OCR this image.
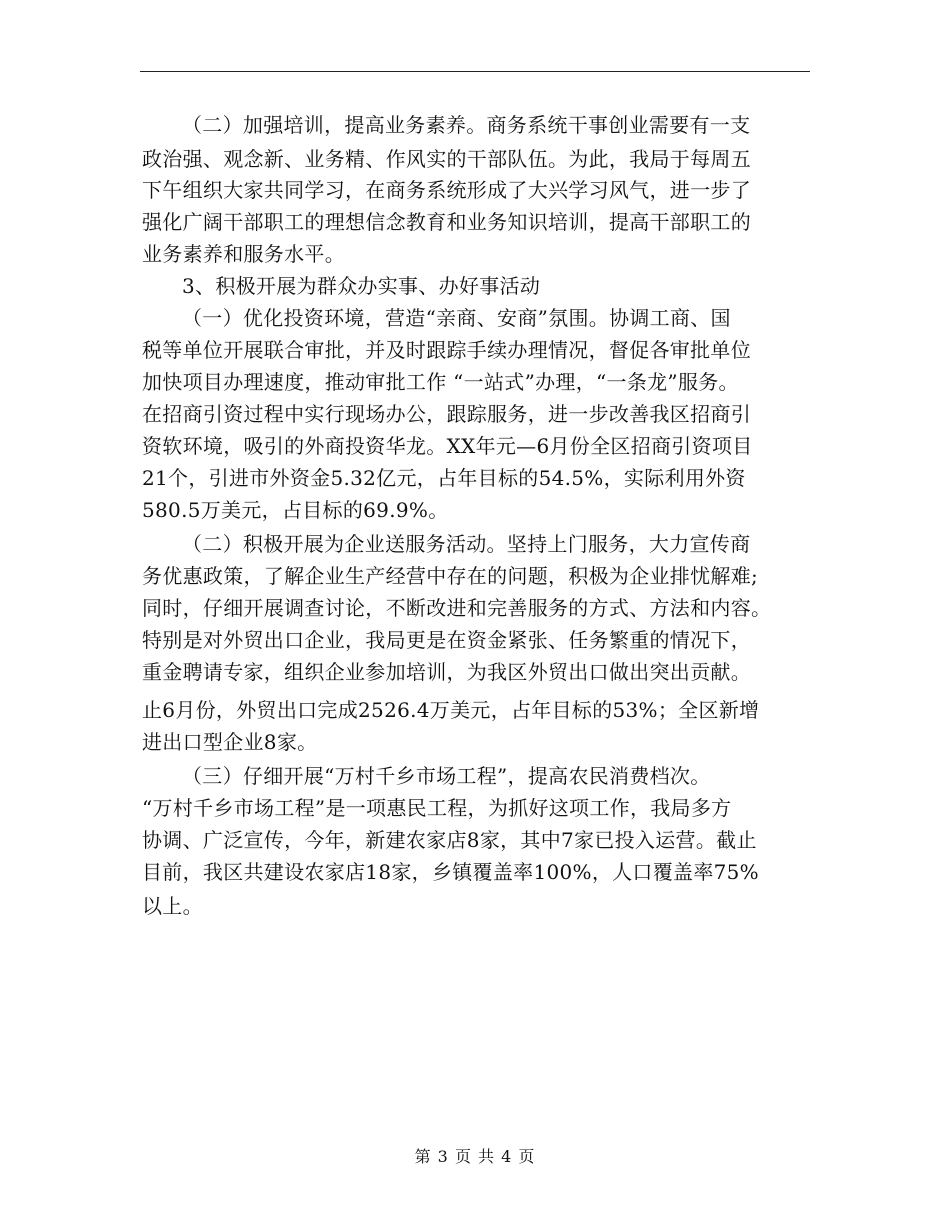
（二）加强培训，提高业务素养。商务系统干事创业需要有一支
政治强、观念新、业务精、作风实的干部队伍。为此，我局于每周五
下午组织大家共同学习，在商务系统形成了大兴学习风气，进一步了
强化广阔干部职工的理想信念教育和业务知识培训，提高干部职工的
业务素养和服务水平。
3、积极开展为群众办实事、办好事活动
（一）优化投资环境，营造“亲商、安商”氛围。协调工商、国
税等单位开展联合审批，并及时跟踪手续办理情况，督促各审批单位
加快项目办理速度，推动审批工作 “一站式”办理，“一条龙”服务。
在招商引资过程中实行现场办公，跟踪服务，进一步改善我区招商引
资软环境，吸引的外商投资华龙。XX年元—6月份全区招商引资项目
21个，引进市外资金5.32亿元，占年目标的54.5%，实际利用外资
580.5万美元，占目标的69.9%。
（二）积极开展为企业送服务活动。坚持上门服务，大力宣传商
务优惠政策，了解企业生产经营中存在的问题，积极为企业排忧解难;
同时，仔细开展调查讨论，不断改进和完善服务的方式、方法和内容。
特别是对外贸出口企业，我局更是在资金紧张、任务繁重的情况下，
重金聘请专家，组织企业参加培训，为我区外贸出口做出突出贡献。
止6月份，外贸出口完成2526.4万美元，占年目标的53%；全区新增
进出口型企业8家。
（三）仔细开展“万村千乡市场工程”，提高农民消费档次。
“万村千乡市场工程”是一项惠民工程，为抓好这项工作，我局多方
协调、广泛宣传，今年，新建农家店8家，其中7家已投入运营。截止
目前，我区共建设农家店18家，乡镇覆盖率100%，人口覆盖率75%
以上。
第 3 页 共 4 页
